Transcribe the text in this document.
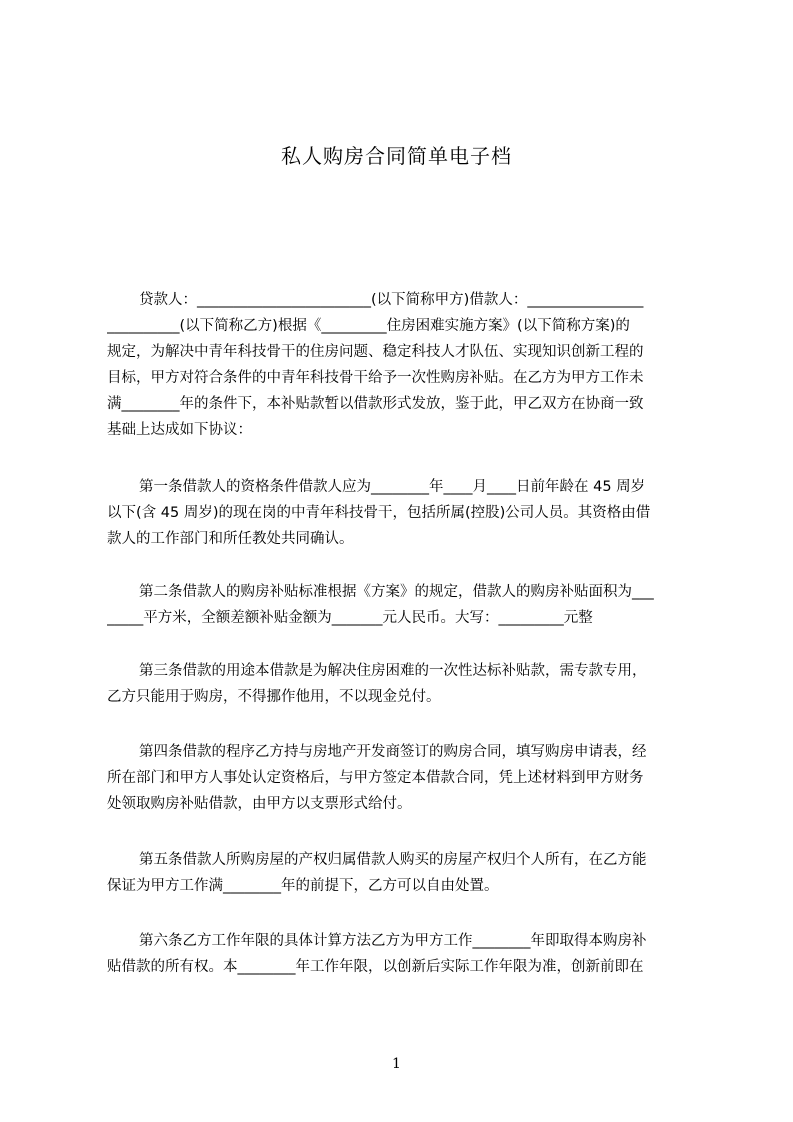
私人购房合同简单电子档
贷款人：________________________(以下简称甲方)借款人：________________
__________(以下简称乙方)根据《_________住房困难实施方案》(以下简称方案)的
规定，为解决中青年科技骨干的住房问题、稳定科技人才队伍、实现知识创新工程的
目标，甲方对符合条件的中青年科技骨干给予一次性购房补贴。在乙方为甲方工作未
满________年的条件下，本补贴款暂以借款形式发放，鉴于此，甲乙双方在协商一致
基础上达成如下协议：
第一条借款人的资格条件借款人应为________年____月____日前年龄在 45 周岁
以下(含 45 周岁)的现在岗的中青年科技骨干，包括所属(控股)公司人员。其资格由借
款人的工作部门和所任教处共同确认。
第二条借款人的购房补贴标准根据《方案》的规定，借款人的购房补贴面积为___
_____平方米，全额差额补贴金额为_______元人民币。大写：_________元整
第三条借款的用途本借款是为解决住房困难的一次性达标补贴款，需专款专用，
乙方只能用于购房，不得挪作他用，不以现金兑付。
第四条借款的程序乙方持与房地产开发商签订的购房合同，填写购房申请表，经
所在部门和甲方人事处认定资格后，与甲方签定本借款合同，凭上述材料到甲方财务
处领取购房补贴借款，由甲方以支票形式给付。
第五条借款人所购房屋的产权归属借款人购买的房屋产权归个人所有，在乙方能
保证为甲方工作满________年的前提下，乙方可以自由处置。
第六条乙方工作年限的具体计算方法乙方为甲方工作________年即取得本购房补
贴借款的所有权。本________年工作年限，以创新后实际工作年限为准，创新前即在
1
